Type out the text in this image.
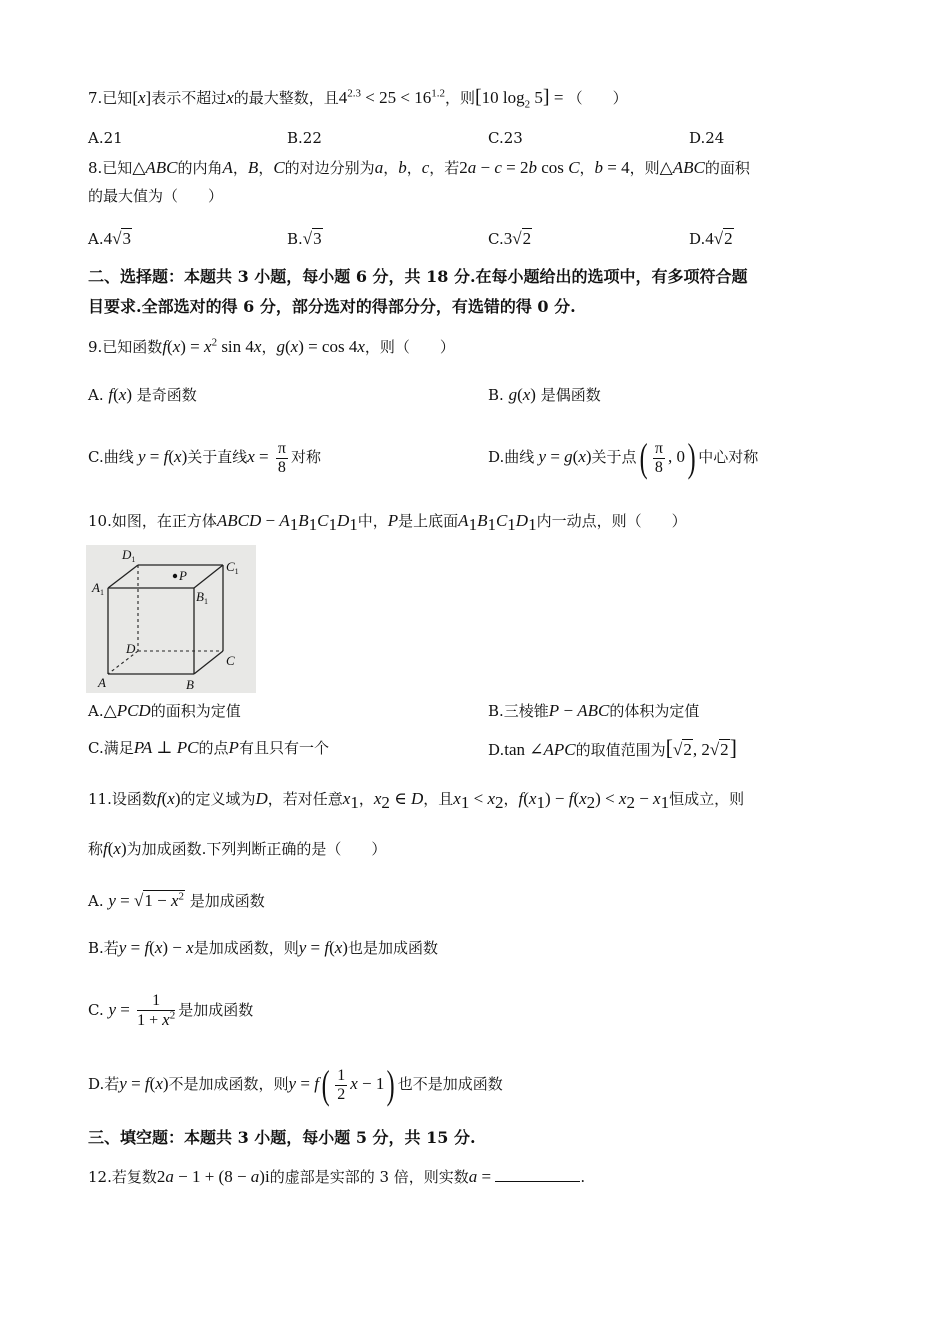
7.已知[x]表示不超过x的最大整数，且$4^{2.3} < 25 < 16^{1.2}$，则[10 $\log_2 5$] = （　　）
A.21	B.22	C.23	D.24
8.已知△ABC的内角A，B，C的对边分别为a，b，c，若2a − c = 2b cos C，b = 4，则△ABC的面积
的最大值为（　　）
A.4√3	B.√3	C.3√2	D.4√2
二、选择题：本题共 3 小题，每小题 6 分，共 18 分.在每小题给出的选项中，有多项符合题
目要求.全部选对的得 6 分，部分选对的得部分分，有选错的得 0 分.
9.已知函数$f(x) = x^2$ sin 4x，g(x) = cos 4x，则（　　）
A. f(x) 是奇函数	B. g(x) 是偶函数
C.曲线 y = f(x)关于直线$x = \frac{\pi}{8}$ 对称	D.曲线 y = g(x)关于点( $\frac{\pi}{8}$ , 0) 中心对称
10.如图，在正方体ABCD − $A_1B_1C_1D_1$中，P是上底面$A_1B_1C_1D_1$内一动点，则（　　）
$D_1$	$C_1$
$A_1$	$B_1$
P
D
C
A	B
A.△PCD的面积为定值	B.三棱锥P − ABC的体积为定值
C.满足PA ⊥ PC的点P有且只有一个	D.tan ∠APC的取值范围为[√2, 2√2]
11.设函数f(x)的定义域为D，若对任意$x_1$，$x_2$ ∈ D，且$x_1 < x_2$，$f(x_1) - f(x_2) < x_2 - x_1$恒成立，则
称f(x)为加成函数.下列判断正确的是（　　）
A. $y = √1 - x^2$ 是加成函数
B.若y = f(x) − x是加成函数，则y = f(x)也是加成函数
C. $y = \frac{1}{1 + x^2}$ 是加成函数
D.若y = f(x)不是加成函数，则$y = f( \frac{1}{2}$ x − 1) 也不是加成函数
三、填空题：本题共 3 小题，每小题 5 分，共 15 分.
12.若复数2a − 1 + (8 − a)i的虚部是实部的 3 倍，则实数a =	.
